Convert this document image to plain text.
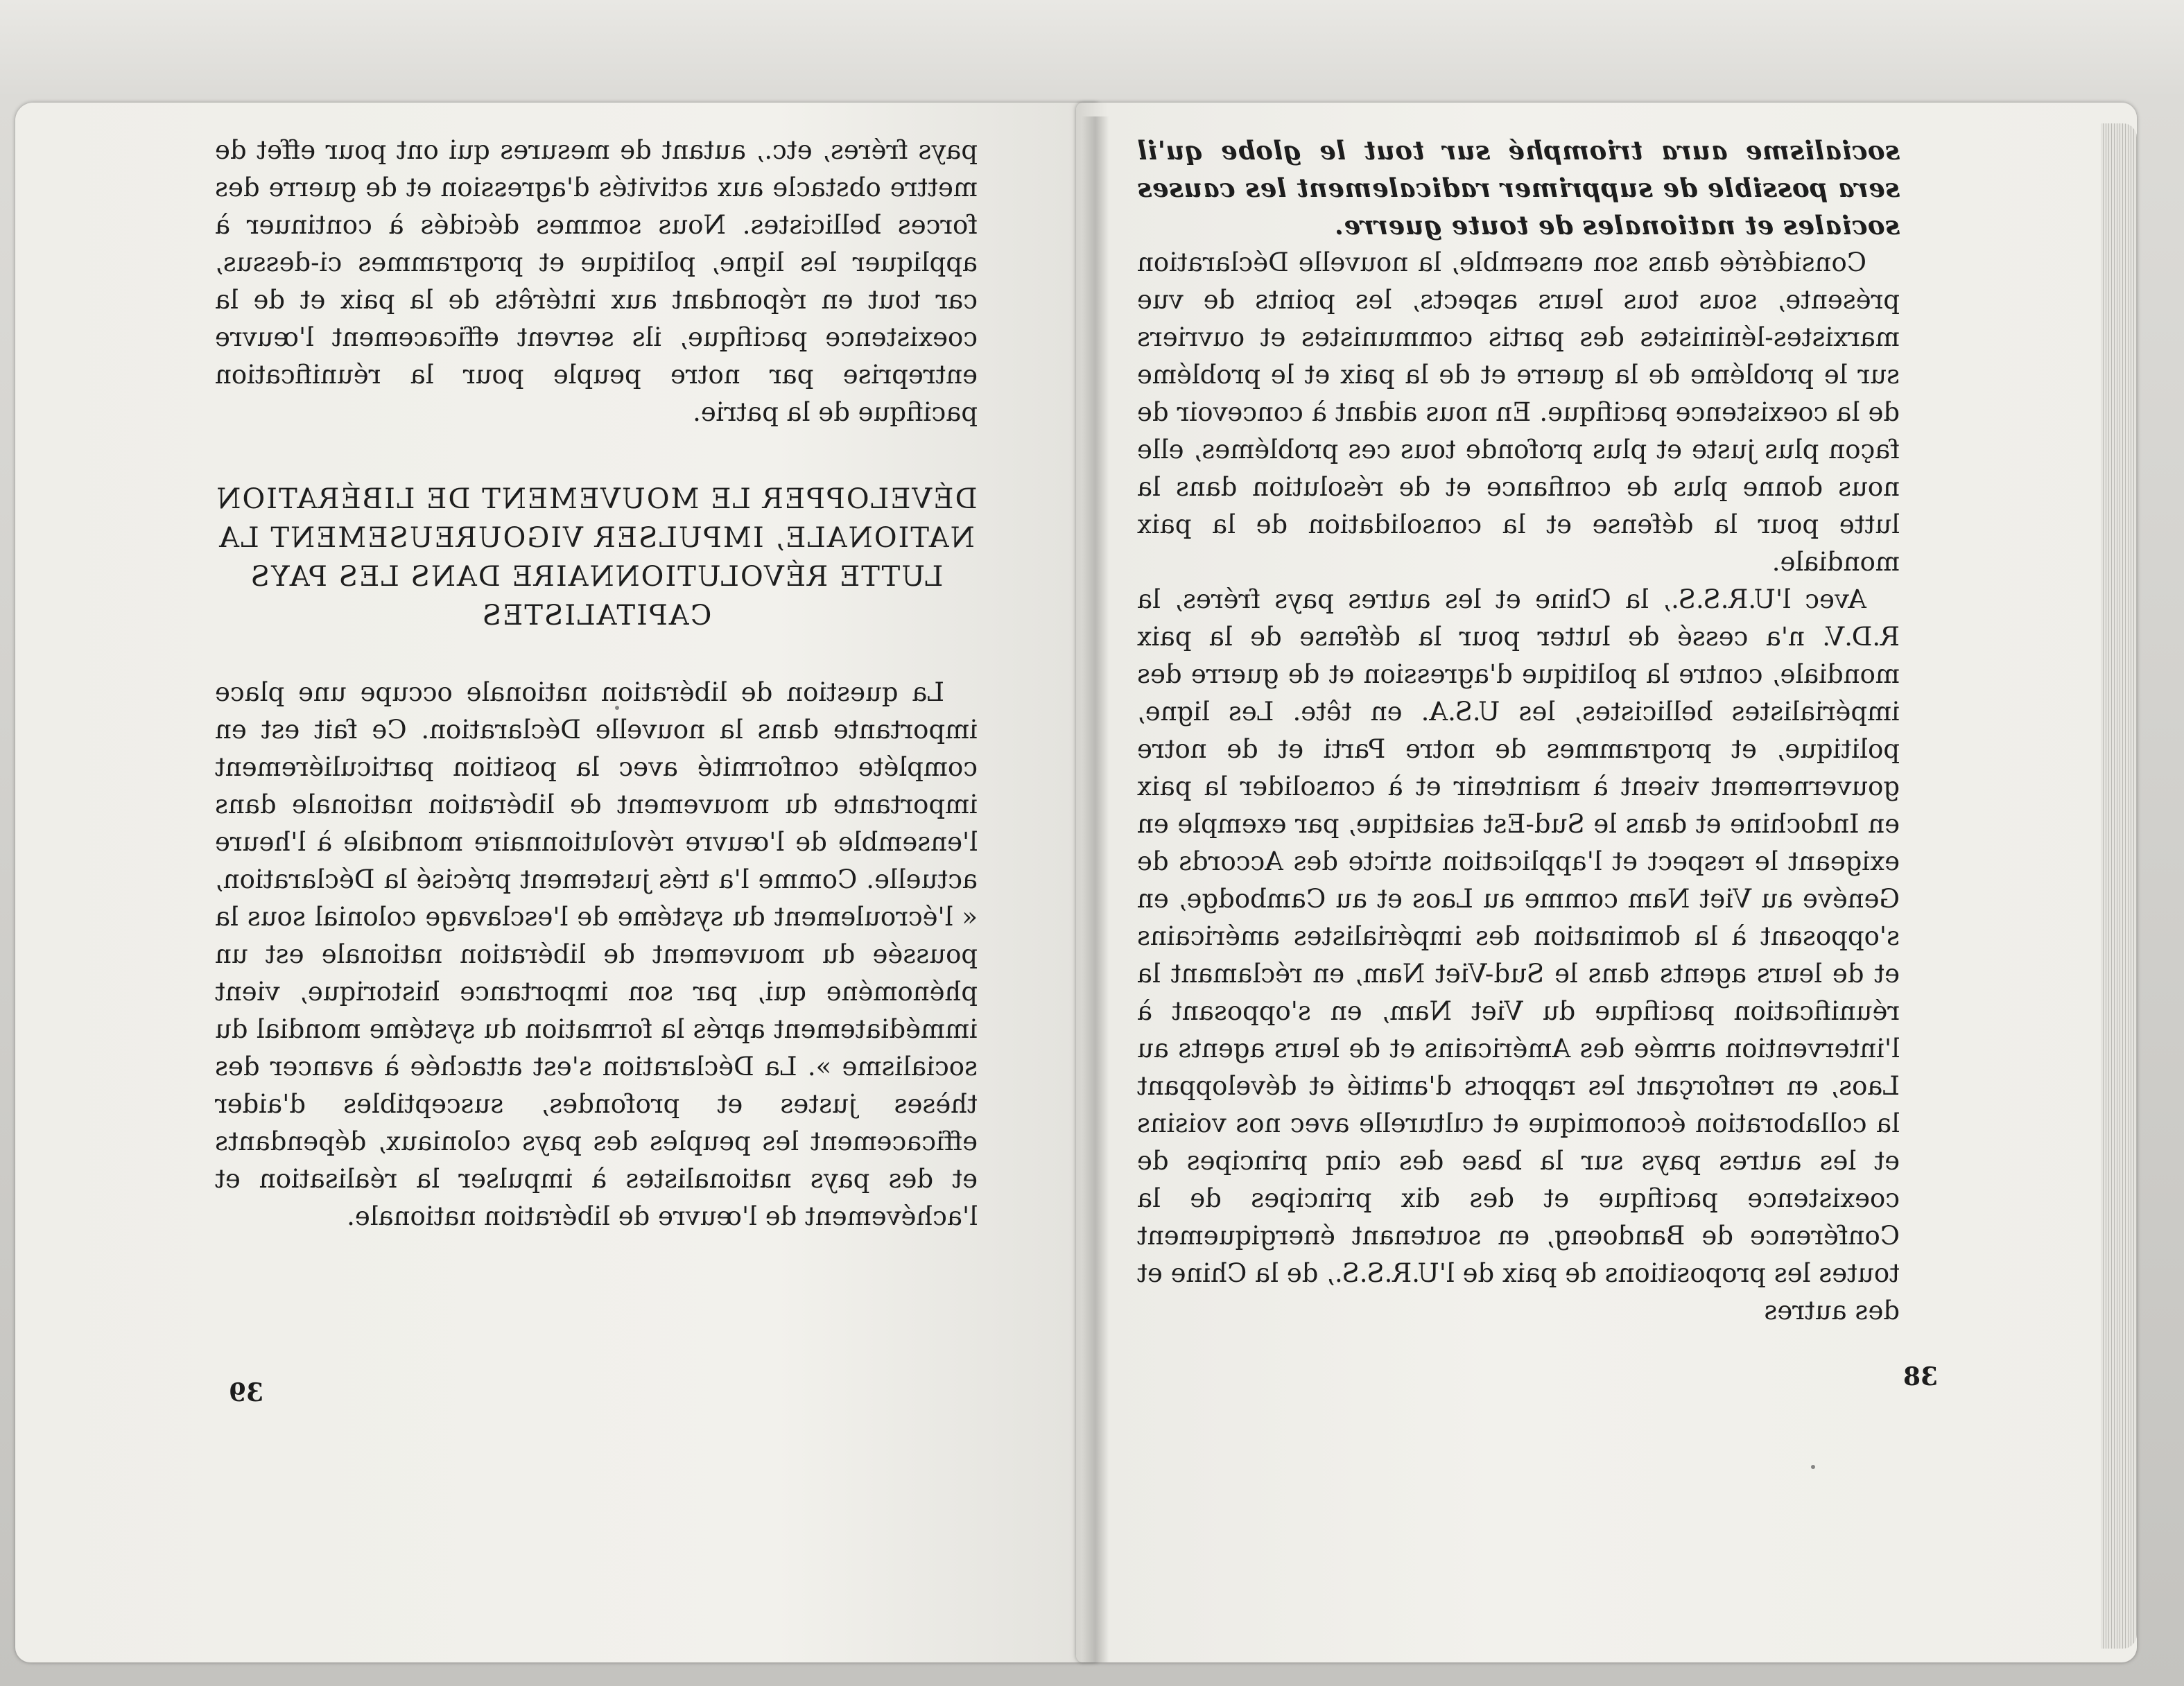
pays fréres, etc., autant de mesures qui ont pour effet de mettre obstacle aux activités d'agression et de guerre des forces bellicistes. Nous sommes décidés à continuer à appliquer les ligne, politique et programmes ci-dessus, car tout en répondant aux intérêts de la paix et de la coexistence pacifique, ils servent efficacement l'œuvre entreprise par notre peuple pour la réunification pacifique de la patrie.

DÉVELOPPER LE MOUVEMENT DE LIBÉRATION NATIONALE, IMPULSER VIGOUREUSEMENT LA LUTTE RÉVOLUTIONNAIRE DANS LES PAYS CAPITALISTES

La question de libération nationale occupe une place importante dans la nouvelle Déclaration. Ce fait est en compléte conformité avec la position particuliérement importante du mouvement de libération nationale dans l'ensemble de l'œuvre révolutionnaire mondiale à l'heure actuelle. Comme l'a trés justement précisé la Déclaration, « l'écroulement du systéme de l'esclavage colonial sous la poussée du mouvement de libération nationale est un phénoméne qui, par son importance historique, vient immédiatement aprés la formation du systéme mondial du socialisme ». La Déclaration s'est attachée à avancer des thèses justes et profondes, susceptibles d'aider efficacement les peuples des pays coloniaux, dépendants et des pays nationalistes à impulser la réalisation et l'achévement de l'œuvre de libération nationale.

39

socialisme aura triomphé sur tout le globe qu'il sera possible de supprimer radicalement les causes sociales et nationales de toute guerre.

Considérée dans son ensemble, la nouvelle Déclaration présente, sous tous leurs aspects, les points de vue marxistes-léninistes des partis communistes et ouvriers sur le probléme de la guerre et de la paix et le probléme de la coexistence pacifique. En nous aidant à concevoir de façon plus juste et plus profonde tous ces problémes, elle nous donne plus de confiance et de résolution dans la lutte pour la défense et la consolidation de la paix mondiale.

Avec l'U.R.S.S., la Chine et les autres pays fréres, la R.D.V. n'a cessé de lutter pour la défense de la paix mondiale, contre la politique d'agression et de guerre des impérialistes bellicistes, les U.S.A. en tête. Les ligne, politique, et programmes de notre Parti et de notre gouvernement visent à maintenir et à consolider la paix en Indochine et dans le Sud-Est asiatique, par exemple en exigeant le respect et l'application stricte des Accords de Genéve au Viet Nam comme au Laos et au Cambodge, en s'opposant à la domination des impérialistes américains et de leurs agents dans le Sud-Viet Nam, en réclamant la réunification pacifique du Viet Nam, en s'opposant à l'intervention armée des Américains et de leurs agents au Laos, en renforçant les rapports d'amitié et développant la collaboration économique et culturelle avec nos voisins et les autres pays sur la base des cinq principes de coexistence pacifique et des dix principes de la Conférence de Bandoeng, en soutenant énergiquement toutes les propositions de paix de l'U.R.S.S., de la Chine et des autres

38
